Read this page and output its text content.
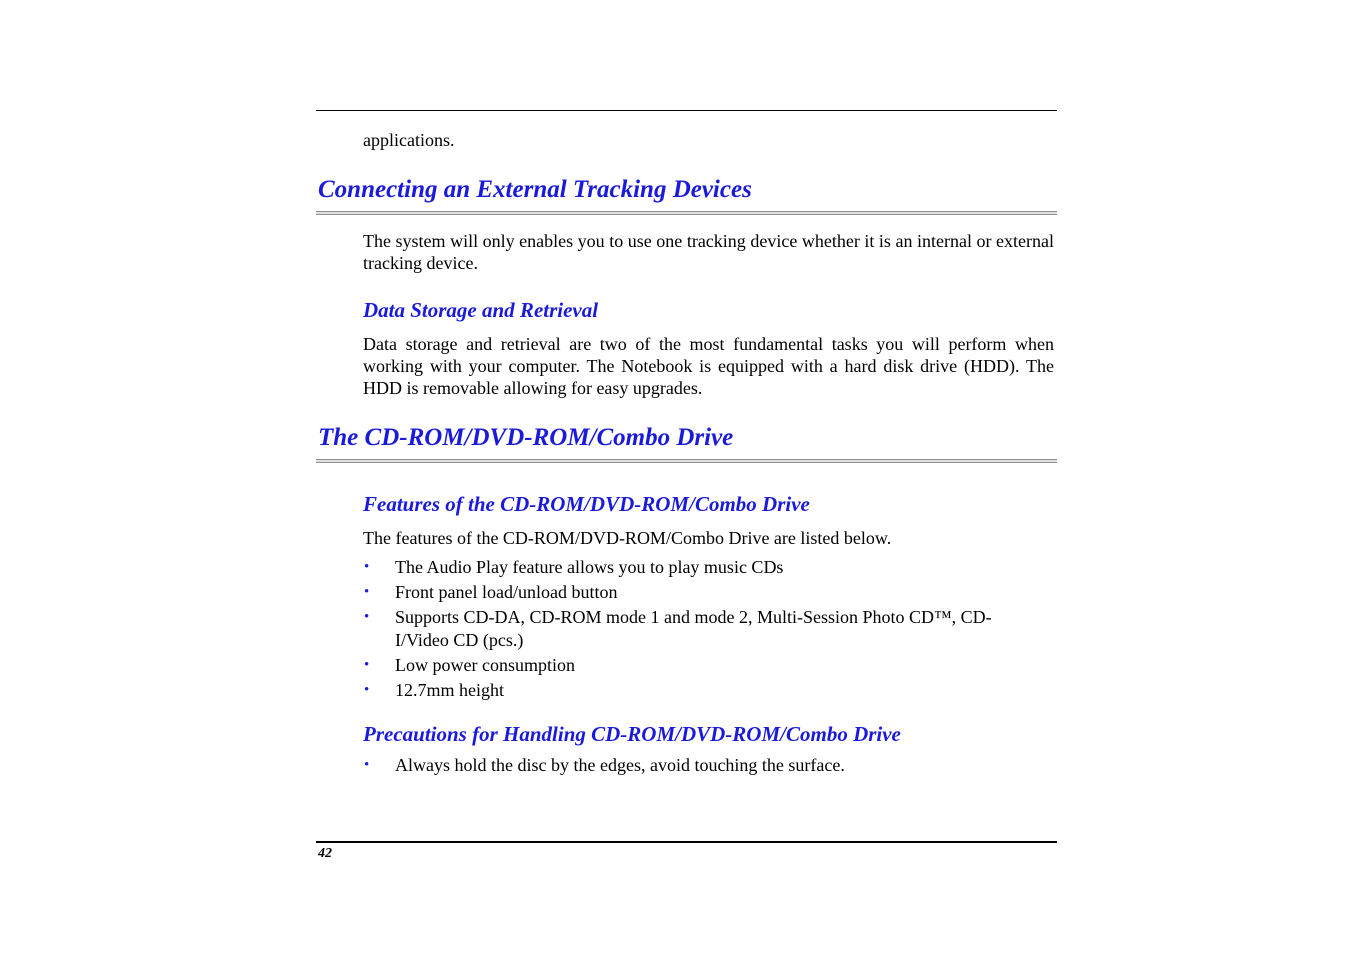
applications.
Connecting an External Tracking Devices
The system will only enables you to use one tracking device whether it is an internal or external tracking device.
Data Storage and Retrieval
Data storage and retrieval are two of the most fundamental tasks you will perform when working with your computer. The Notebook is equipped with a hard disk drive (HDD). The HDD is removable allowing for easy upgrades.
The CD-ROM/DVD-ROM/Combo Drive
Features of the CD-ROM/DVD-ROM/Combo Drive
The features of the CD-ROM/DVD-ROM/Combo Drive are listed below.
• The Audio Play feature allows you to play music CDs
• Front panel load/unload button
• Supports CD-DA, CD-ROM mode 1 and mode 2, Multi-Session Photo CD™, CD-I/Video CD (pcs.)
• Low power consumption
• 12.7mm height
Precautions for Handling CD-ROM/DVD-ROM/Combo Drive
• Always hold the disc by the edges, avoid touching the surface.
42
